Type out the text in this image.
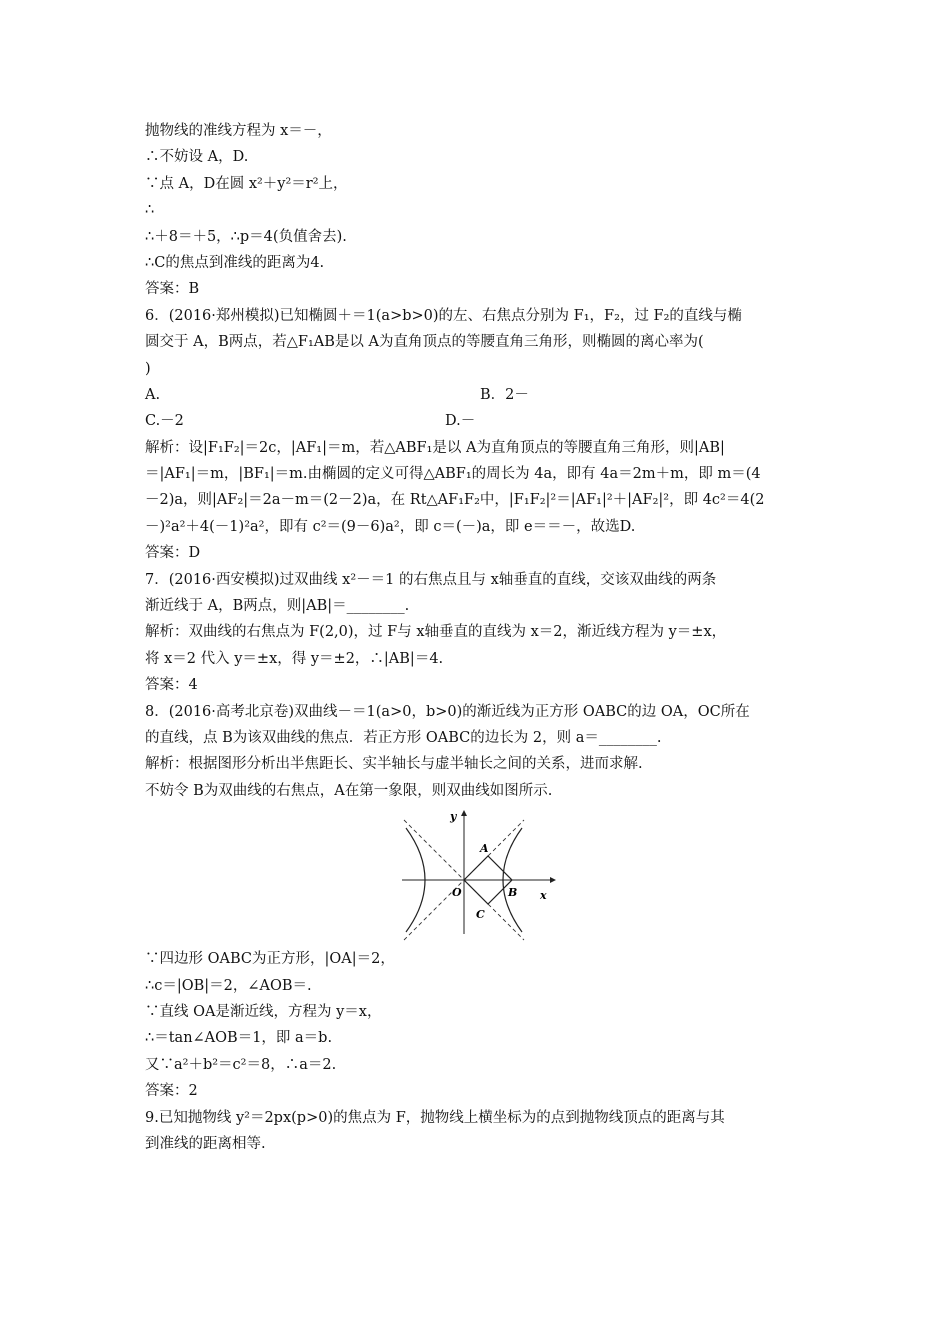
抛物线的准线方程为 x＝－，
∴不妨设 A，D.
∵点 A，D在圆 x²＋y²＝r²上，
∴
∴＋8＝＋5，∴p＝4(负值舍去).
∴C的焦点到准线的距离为4.
答案：B
6．(2016·郑州模拟)已知椭圆＋＝1(a>b>0)的左、右焦点分别为 F₁，F₂，过 F₂的直线与椭
圆交于 A，B两点，若△F₁AB是以 A为直角顶点的等腰直角三角形，则椭圆的离心率为(
)
A.	B．2－
C.－2	D.－
解析：设|F₁F₂|＝2c，|AF₁|＝m，若△ABF₁是以 A为直角顶点的等腰直角三角形，则|AB|
＝|AF₁|＝m，|BF₁|＝m.由椭圆的定义可得△ABF₁的周长为 4a，即有 4a＝2m＋m，即 m＝(4
－2)a，则|AF₂|＝2a－m＝(2－2)a，在 Rt△AF₁F₂中，|F₁F₂|²＝|AF₁|²＋|AF₂|²，即 4c²＝4(2
－)²a²＋4(－1)²a²，即有 c²＝(9－6)a²，即 c＝(－)a，即 e＝＝－，故选D.
答案：D
7．(2016·西安模拟)过双曲线 x²－＝1 的右焦点且与 x轴垂直的直线，交该双曲线的两条
渐近线于 A，B两点，则|AB|＝________.
解析：双曲线的右焦点为 F(2,0)，过 F与 x轴垂直的直线为 x＝2，渐近线方程为 y＝±x，
将 x＝2 代入 y＝±x，得 y＝±2，∴|AB|＝4.
答案：4
8．(2016·高考北京卷)双曲线－＝1(a>0，b>0)的渐近线为正方形 OABC的边 OA，OC所在
的直线，点 B为该双曲线的焦点．若正方形 OABC的边长为 2，则 a＝________.
解析：根据图形分析出半焦距长、实半轴长与虚半轴长之间的关系，进而求解.
不妨令 B为双曲线的右焦点，A在第一象限，则双曲线如图所示.
y
x
O
A
B
C
∵四边形 OABC为正方形，|OA|＝2，
∴c＝|OB|＝2，∠AOB＝.
∵直线 OA是渐近线，方程为 y＝x，
∴＝tan∠AOB＝1，即 a＝b.
又∵a²＋b²＝c²＝8，∴a＝2.
答案：2
9.已知抛物线 y²＝2px(p>0)的焦点为 F，抛物线上横坐标为的点到抛物线顶点的距离与其
到准线的距离相等.
